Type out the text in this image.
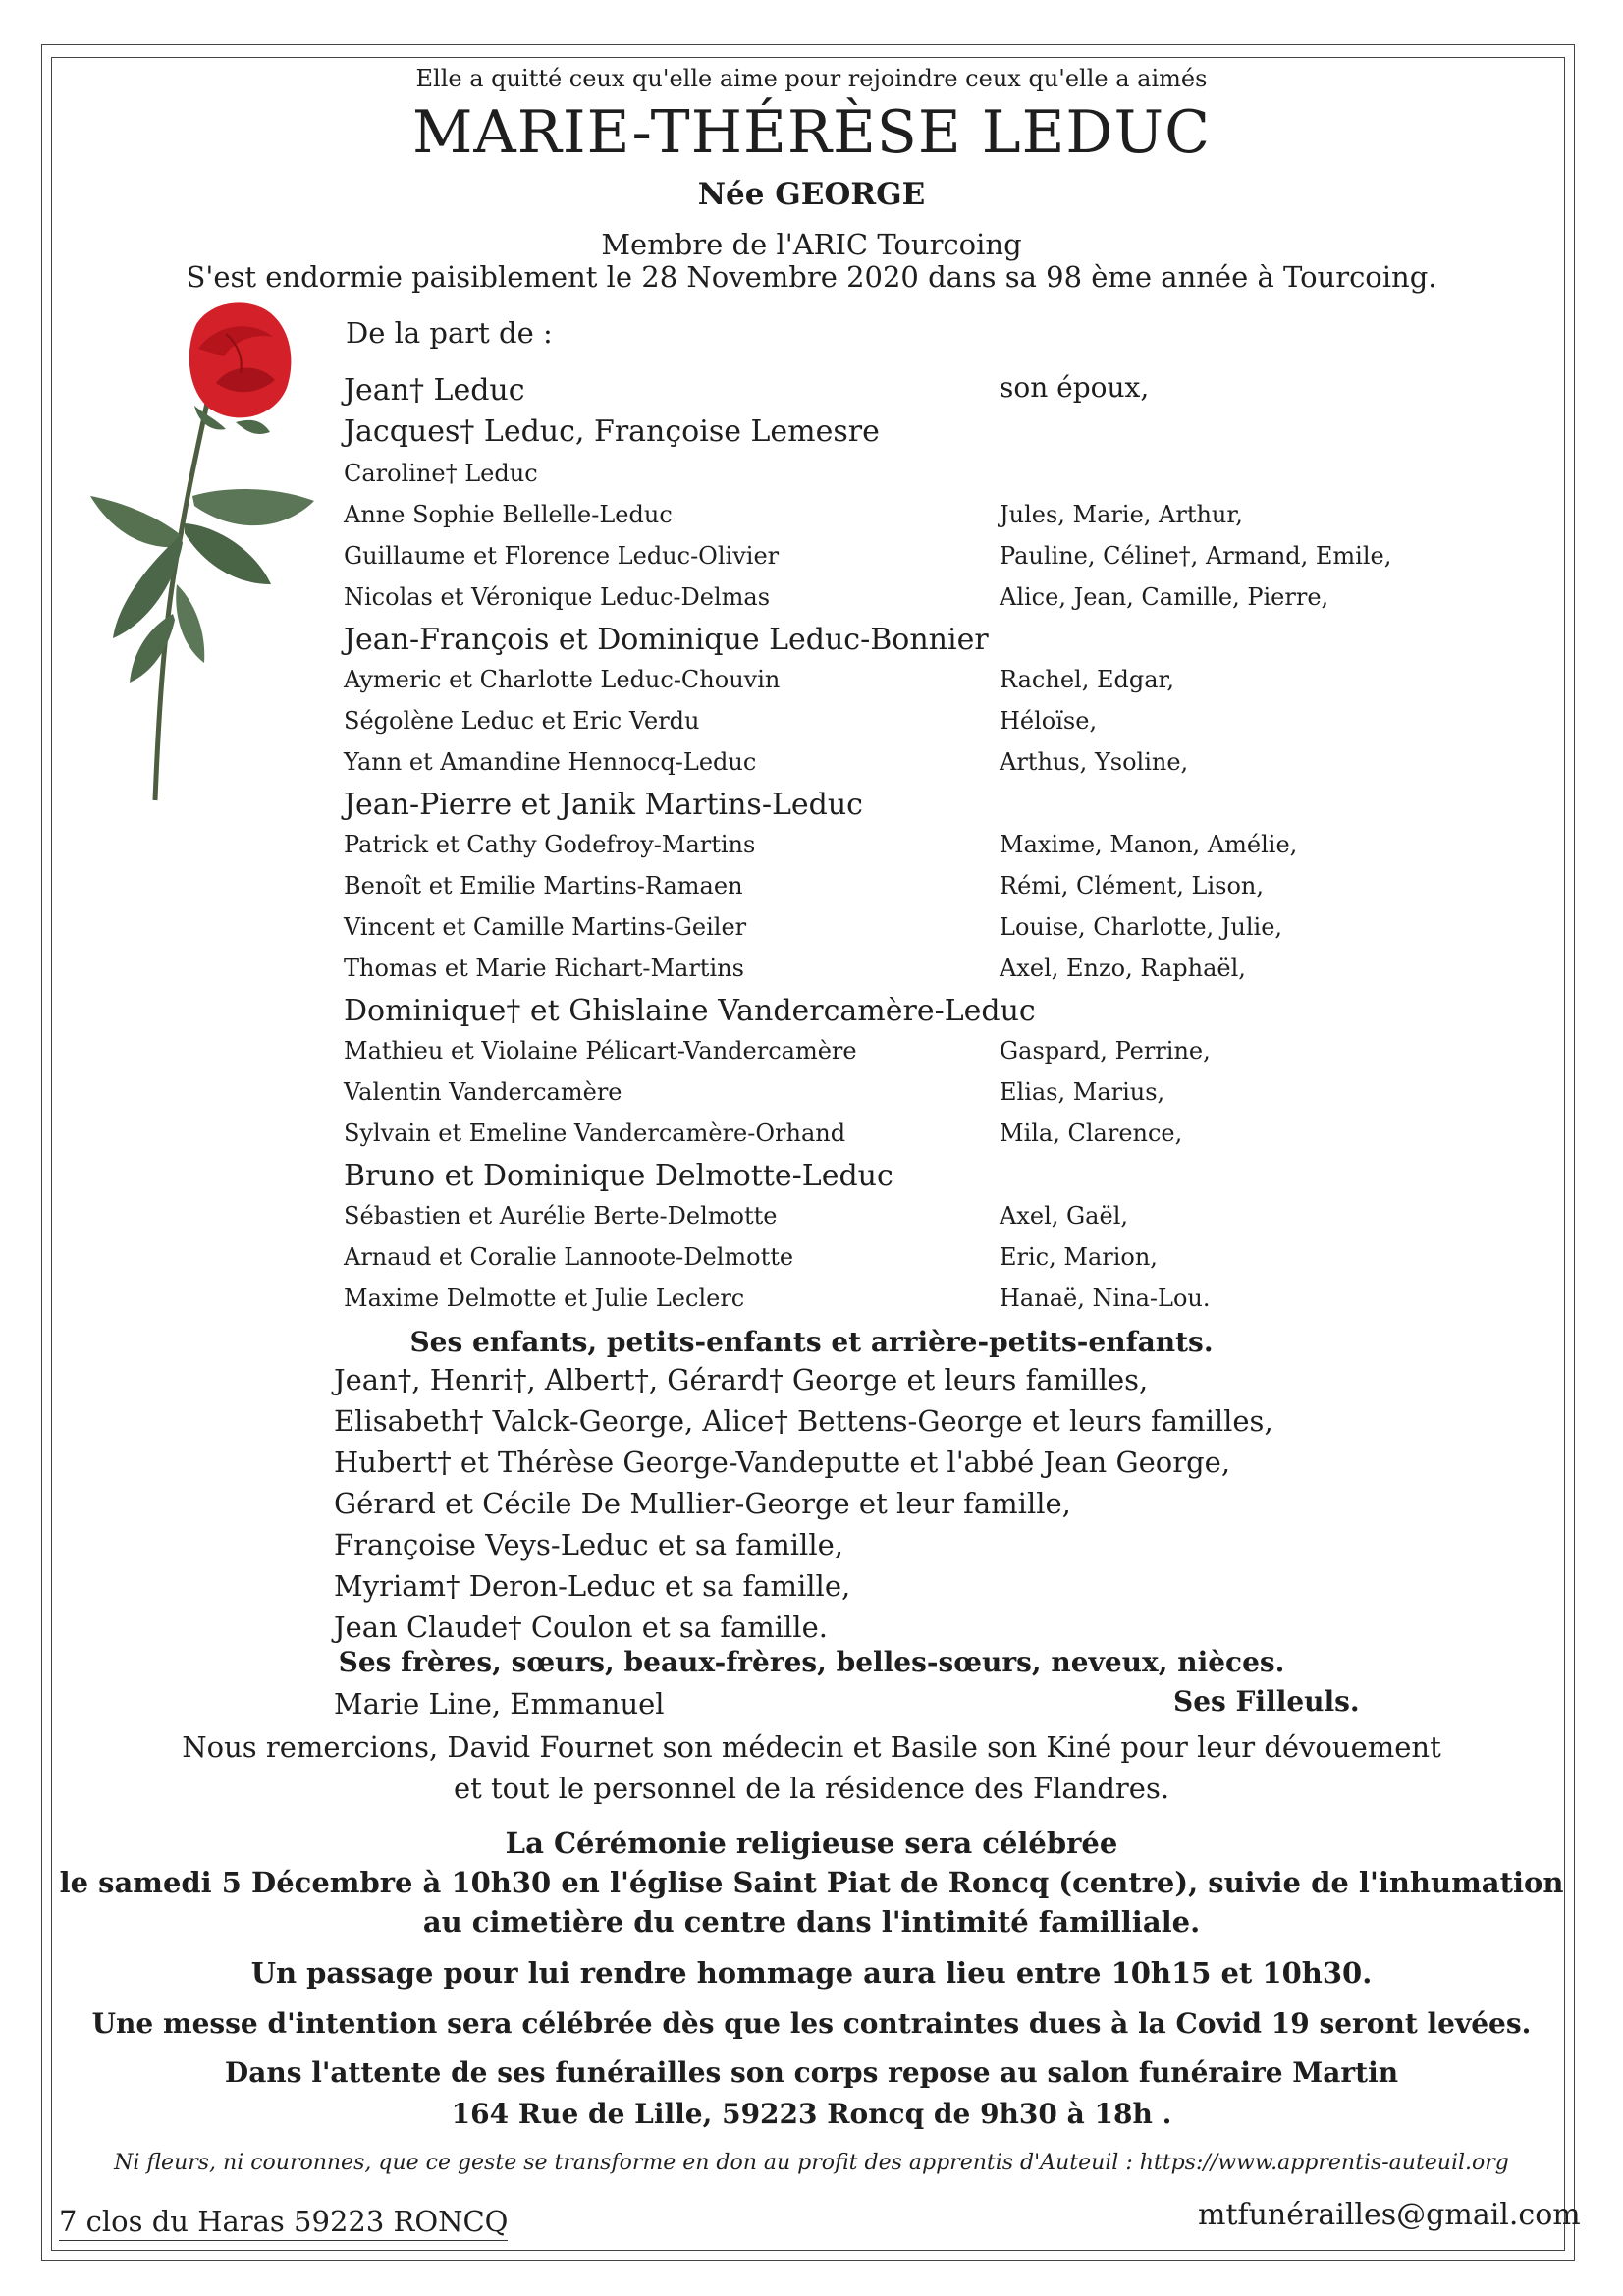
Elle a quitté ceux qu'elle aime pour rejoindre ceux qu'elle a aimés
MARIE-THÉRÈSE LEDUC
Née GEORGE
Membre de l'ARIC Tourcoing
S'est endormie paisiblement le 28 Novembre 2020 dans sa 98 ème année à Tourcoing.
De la part de :
Jean† Leduc	son époux,
Jacques† Leduc, Françoise Lemesre
Caroline† Leduc
Anne Sophie Bellelle-Leduc	Jules, Marie, Arthur,
Guillaume et Florence Leduc-Olivier	Pauline, Céline†, Armand, Emile,
Nicolas et Véronique Leduc-Delmas	Alice, Jean, Camille, Pierre,
Jean-François et Dominique Leduc-Bonnier
Aymeric et Charlotte Leduc-Chouvin	Rachel, Edgar,
Ségolène Leduc et Eric Verdu	Héloïse,
Yann et Amandine Hennocq-Leduc	Arthus, Ysoline,
Jean-Pierre et Janik Martins-Leduc
Patrick et Cathy Godefroy-Martins	Maxime, Manon, Amélie,
Benoît et Emilie Martins-Ramaen	Rémi, Clément, Lison,
Vincent et Camille Martins-Geiler	Louise, Charlotte, Julie,
Thomas et Marie Richart-Martins	Axel, Enzo, Raphaël,
Dominique† et Ghislaine Vandercamère-Leduc
Mathieu et Violaine Pélicart-Vandercamère	Gaspard, Perrine,
Valentin Vandercamère	Elias, Marius,
Sylvain et Emeline Vandercamère-Orhand	Mila, Clarence,
Bruno et Dominique Delmotte-Leduc
Sébastien et Aurélie Berte-Delmotte	Axel, Gaël,
Arnaud et Coralie Lannoote-Delmotte	Eric, Marion,
Maxime Delmotte et Julie Leclerc	Hanaë, Nina-Lou.
Ses enfants, petits-enfants et arrière-petits-enfants.
Jean†, Henri†, Albert†, Gérard† George et leurs familles,
Elisabeth† Valck-George, Alice† Bettens-George et leurs familles,
Hubert† et Thérèse George-Vandeputte et l'abbé Jean George,
Gérard et Cécile De Mullier-George et leur famille,
Françoise Veys-Leduc et sa famille,
Myriam† Deron-Leduc et sa famille,
Jean Claude† Coulon et sa famille.
Ses frères, sœurs, beaux-frères, belles-sœurs, neveux, nièces.
Marie Line, Emmanuel	Ses Filleuls.
Nous remercions, David Fournet son médecin et Basile son Kiné pour leur dévouement
et tout le personnel de la résidence des Flandres.
La Cérémonie religieuse sera célébrée
le samedi 5 Décembre à 10h30 en l'église Saint Piat de Roncq (centre), suivie de l'inhumation
au cimetière du centre dans l'intimité familliale.
Un passage pour lui rendre hommage aura lieu entre 10h15 et 10h30.
Une messe d'intention sera célébrée dès que les contraintes dues à la Covid 19 seront levées.
Dans l'attente de ses funérailles son corps repose au salon funéraire Martin
164 Rue de Lille, 59223 Roncq de 9h30 à 18h .
Ni fleurs, ni couronnes, que ce geste se transforme en don au profit des apprentis d'Auteuil : https://www.apprentis-auteuil.org
7 clos du Haras 59223 RONCQ	mtfunérailles@gmail.com
